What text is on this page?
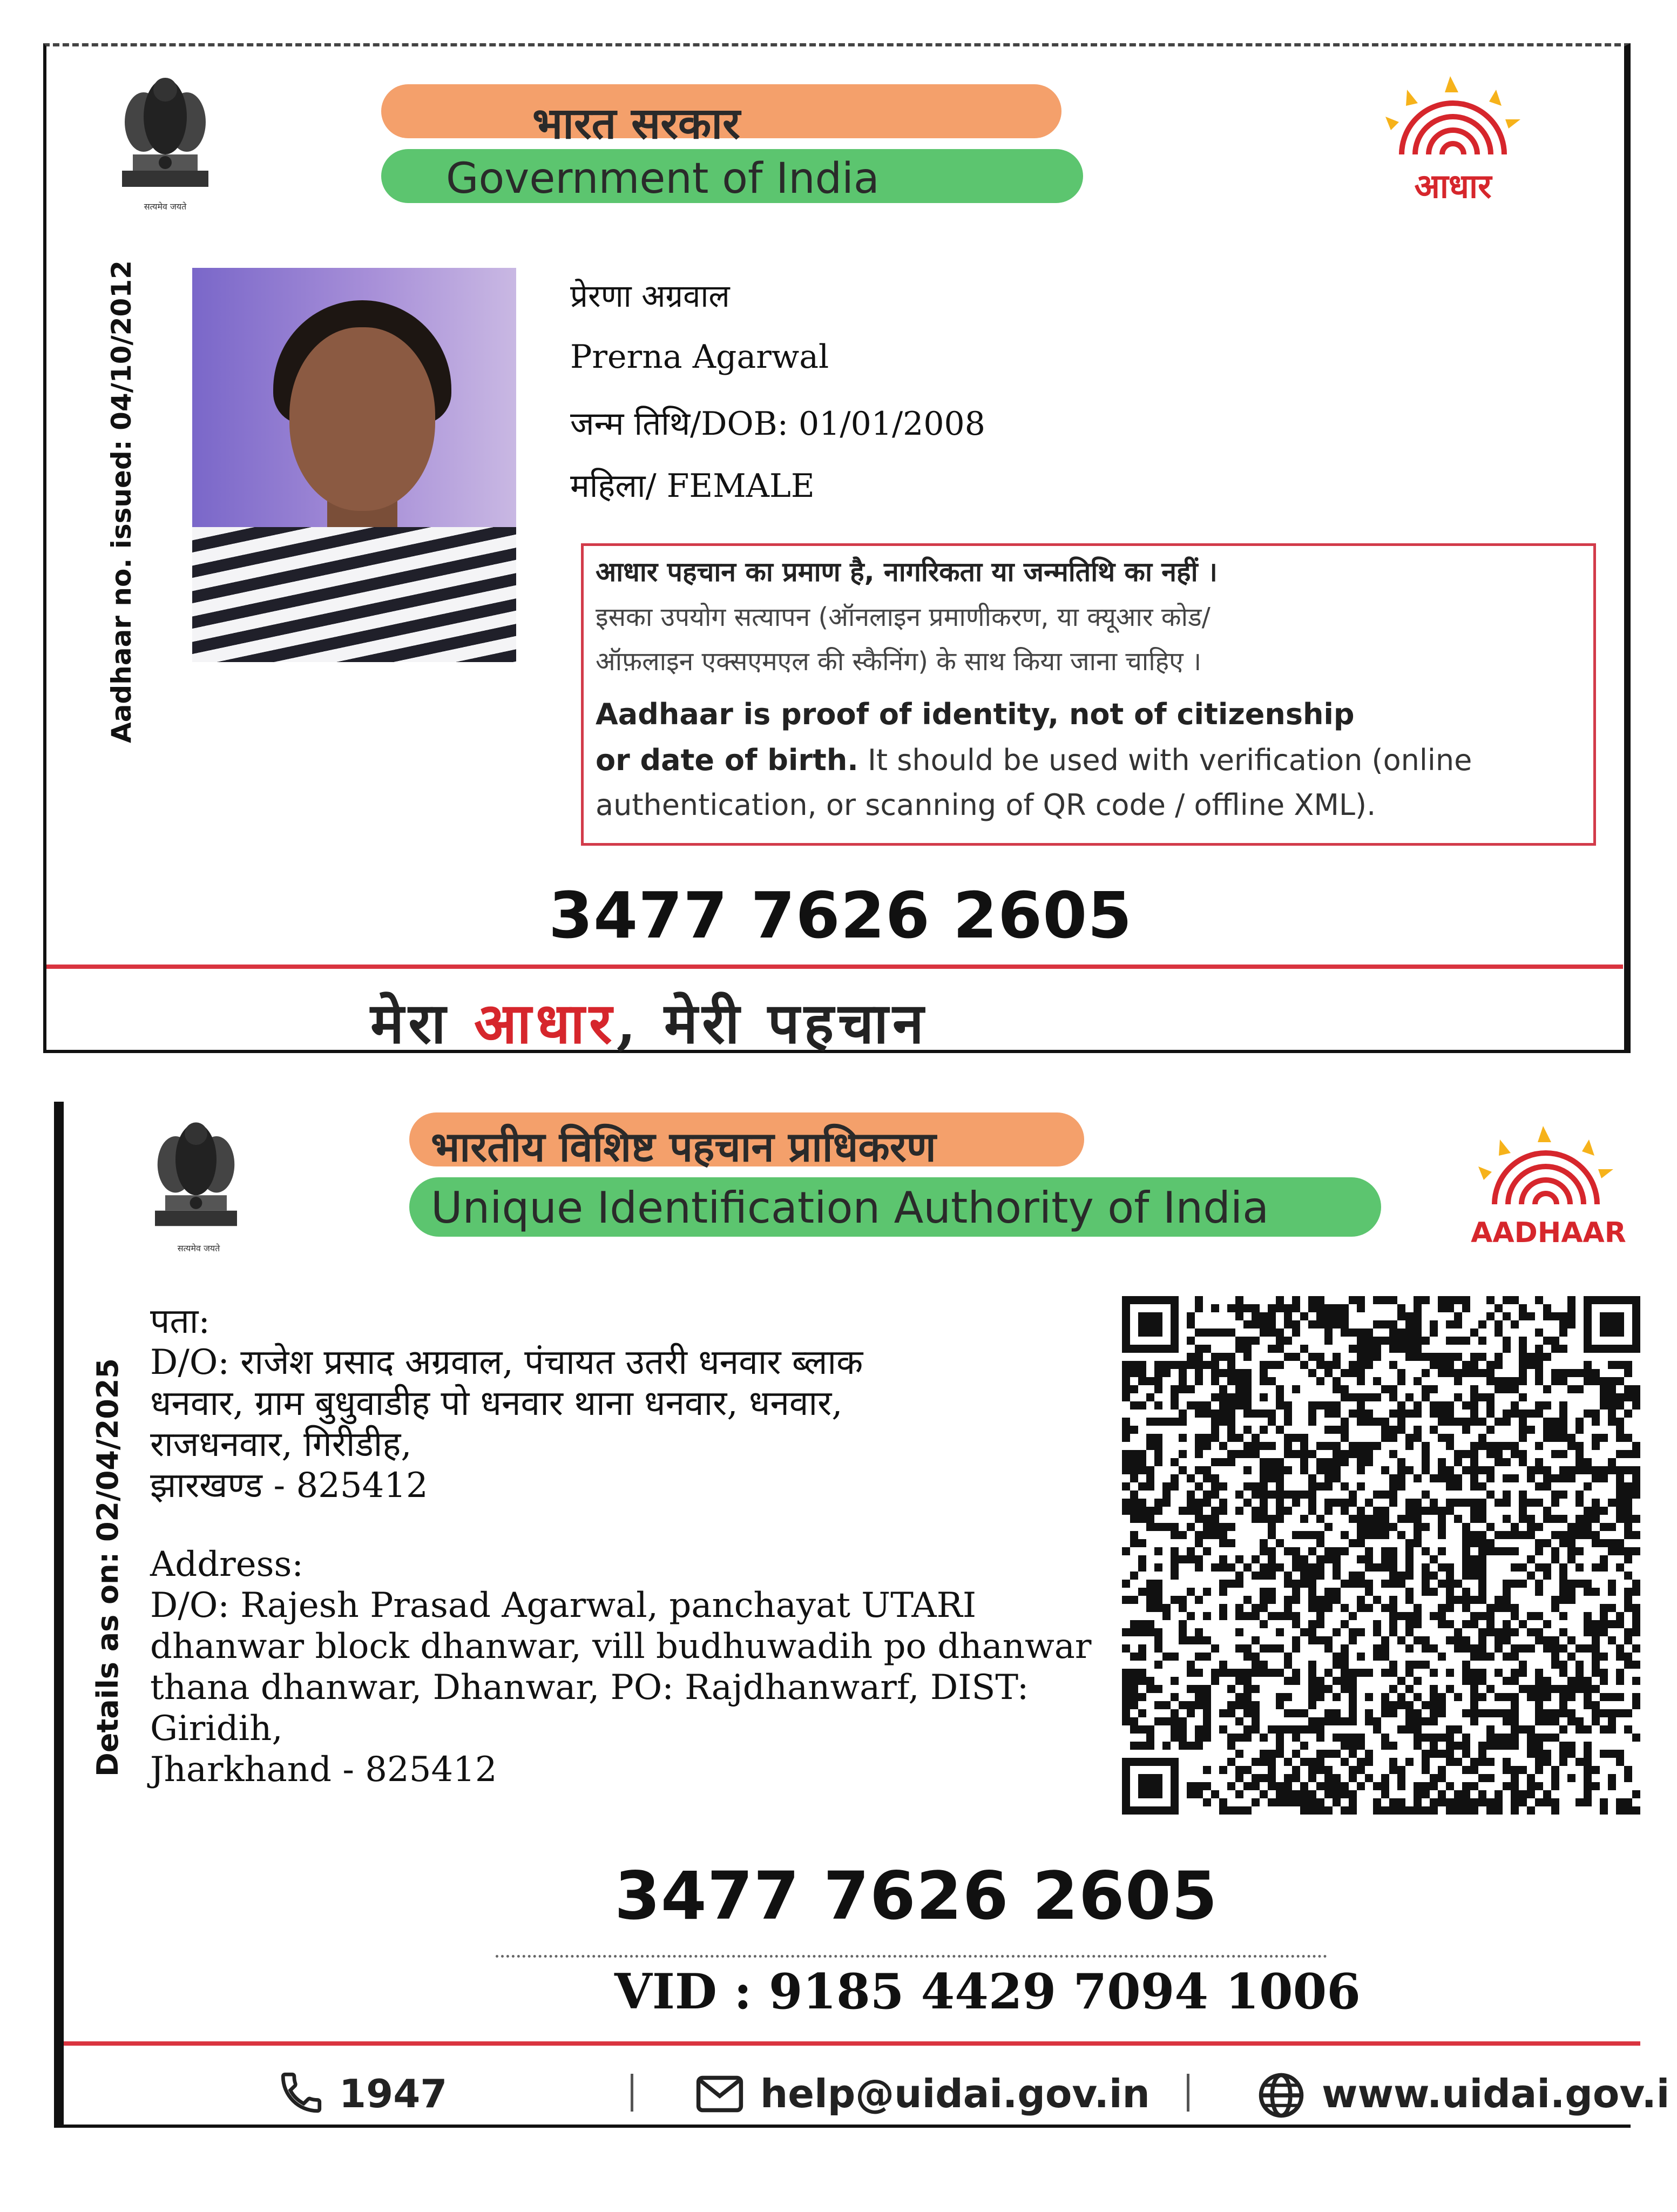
सत्यमेव जयते
भारत सरकार
Government of India	आधार
Aadhaar no. issued: 04/10/2012	प्रेरणा अग्रवाल
Prerna Agarwal
जन्म तिथि/DOB: 01/01/2008
महिला/ FEMALE
आधार पहचान का प्रमाण है, नागरिकता या जन्मतिथि का नहीं ।
इसका उपयोग सत्यापन (ऑनलाइन प्रमाणीकरण, या क्यूआर कोड/
ऑफ़लाइन एक्सएमएल की स्कैनिंग) के साथ किया जाना चाहिए ।
Aadhaar is proof of identity, not of citizenship
or date of birth. It should be used with verification (online
authentication, or scanning of QR code / offline XML).
3477 7626 2605
मेरा आधार, मेरी पहचान
सत्यमेव जयते
भारतीय विशिष्ट पहचान प्राधिकरण
Unique Identification Authority of India	AADHAAR
Details as on: 02/04/2025
पता:
D/O: राजेश प्रसाद अग्रवाल, पंचायत उतरी धनवार ब्लाक
धनवार, ग्राम बुधुवाडीह पो धनवार थाना धनवार, धनवार,
राजधनवार, गिरीडीह,
झारखण्ड - 825412
Address:
D/O: Rajesh Prasad Agarwal, panchayat UTARI
dhanwar block dhanwar, vill budhuwadih po dhanwar
thana dhanwar, Dhanwar, PO: Rajdhanwarf, DIST:
Giridih,
Jharkhand - 825412
3477 7626 2605
VID : 9185 4429 7094 1006
1947	help@uidai.gov.in	www.uidai.gov.i
